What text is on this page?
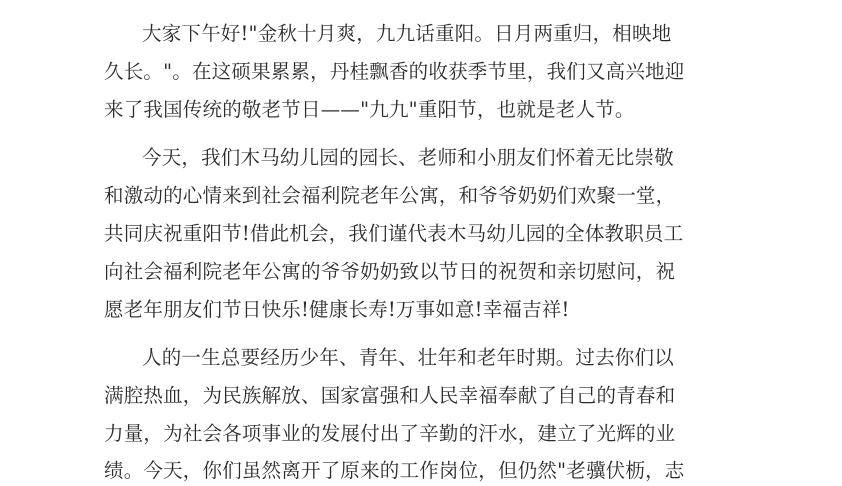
大家下午好!"金秋十月爽，九九话重阳。日月两重归，相映地
久长。"。在这硕果累累，丹桂飘香的收获季节里，我们又高兴地迎
来了我国传统的敬老节日——"九九"重阳节，也就是老人节。
今天，我们木马幼儿园的园长、老师和小朋友们怀着无比崇敬
和激动的心情来到社会福利院老年公寓，和爷爷奶奶们欢聚一堂，
共同庆祝重阳节!借此机会，我们谨代表木马幼儿园的全体教职员工
向社会福利院老年公寓的爷爷奶奶致以节日的祝贺和亲切慰问，祝
愿老年朋友们节日快乐!健康长寿!万事如意!幸福吉祥!
人的一生总要经历少年、青年、壮年和老年时期。过去你们以
满腔热血，为民族解放、国家富强和人民幸福奉献了自己的青春和
力量，为社会各项事业的发展付出了辛勤的汗水，建立了光辉的业
绩。今天，你们虽然离开了原来的工作岗位，但仍然"老骥伏枥，志
